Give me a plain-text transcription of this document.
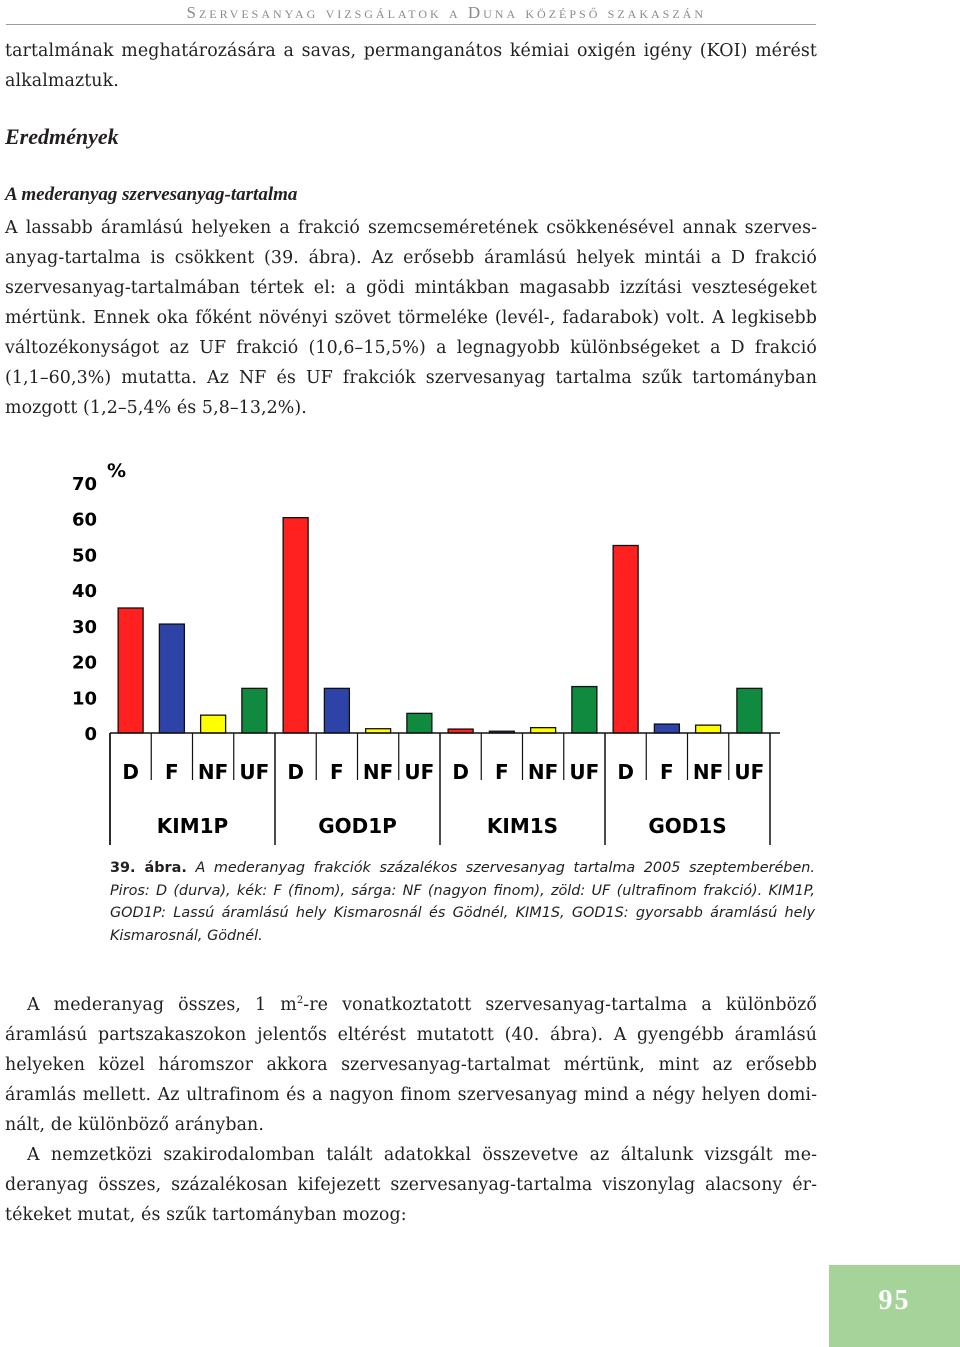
Szervesanyag vizsgálatok a Duna középső szakaszán

tartalmának meghatározására a savas, permanganátos kémiai oxigén igény (KOI) mérést alkalmaztuk.

Eredmények
A mederanyag szervesanyag-tartalma

A lassabb áramlású helyeken a frakció szemcseméretének csökkenésével annak szervesanyag-tartalma is csökkent (39. ábra). Az erősebb áramlású helyek mintái a D frakció szervesanyag-tartalmában tértek el: a gödi mintákban magasabb izzítási veszteségeket mértünk. Ennek oka főként növényi szövet törmeléke (levél-, fadarabok) volt. A legkisebb változékonyságot az UF frakció (10,6–15,5%) a legnagyobb különbségeket a D frakció (1,1–60,3%) mutatta. Az NF és UF frakciók szervesanyag tartalma szűk tartományban mozgott (1,2–5,4% és 5,8–13,2%).

0
10
20
30
40
50
60
70
%
D F NF UF
KIM1P
D F NF UF
GOD1P
D F NF UF
KIM1S
D F NF UF
GOD1S

39. ábra. A mederanyag frakciók százalékos szervesanyag tartalma 2005 szeptemberében. Piros: D (durva), kék: F (finom), sárga: NF (nagyon finom), zöld: UF (ultrafinom frakció). KIM1P, GOD1P: Lassú áramlású hely Kismarosnál és Gödnél, KIM1S, GOD1S: gyorsabb áramlású hely Kismarosnál, Gödnél.

A mederanyag összes, 1 $m^2-re$ vonatkoztatott szervesanyag-tartalma a különböző áramlású partszakaszokon jelentős eltérést mutatott (40. ábra). A gyengébb áramlású helyeken közel háromszor akkora szervesanyag-tartalmat mértünk, mint az erősebb áramlás mellett. Az ultrafinom és a nagyon finom szervesanyag mind a négy helyen dominált, de különböző arányban.

A nemzetközi szakirodalomban talált adatokkal összevetve az általunk vizsgált mederanyag összes, százalékosan kifejezett szervesanyag-tartalma viszonylag alacsony értékeket mutat, és szűk tartományban mozog:

95
